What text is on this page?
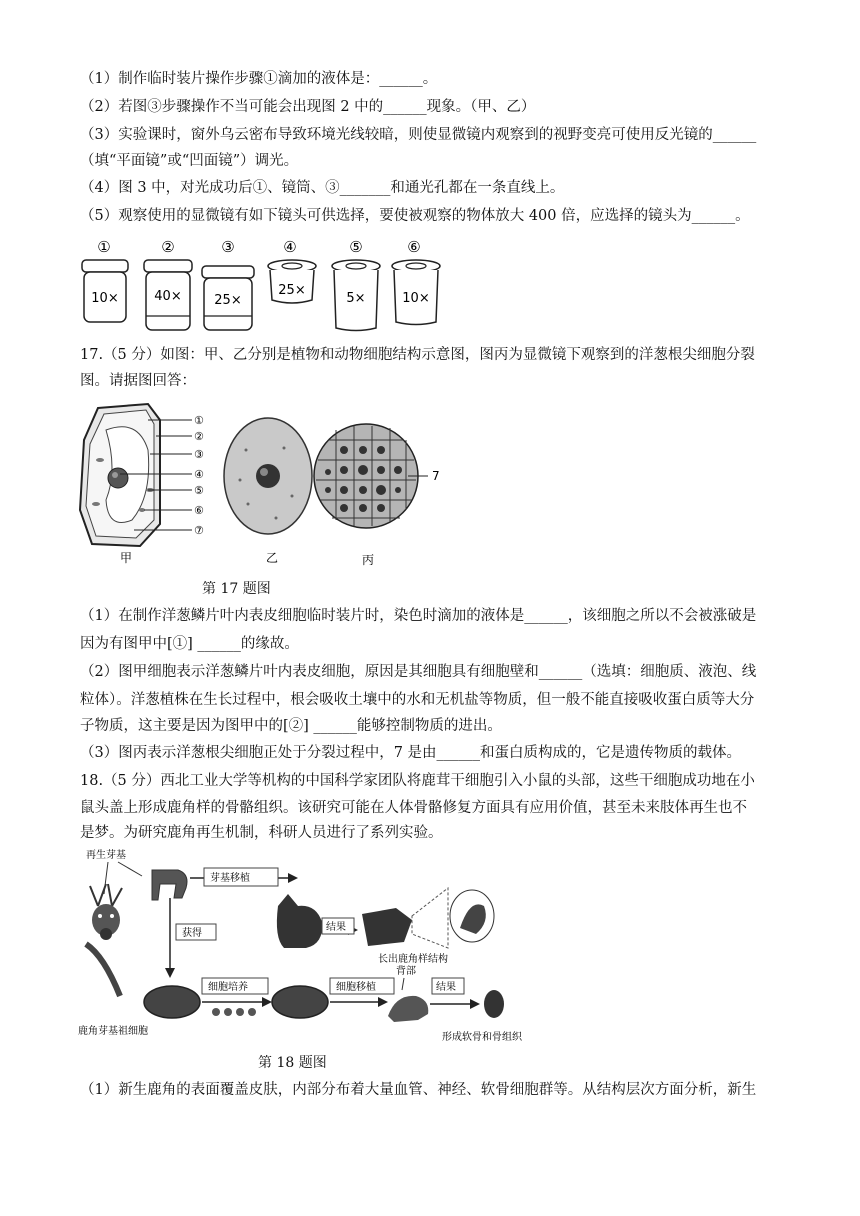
（1）制作临时装片操作步骤①滴加的液体是：______。
（2）若图③步骤操作不当可能会出现图 2 中的______现象。（甲、乙）
（3）实验课时，窗外乌云密布导致环境光线较暗，则使显微镜内观察到的视野变亮可使用反光镜的______
（填“平面镜”或“凹面镜”）调光。
（4）图 3 中，对光成功后①、镜筒、③_______和通光孔都在一条直线上。
（5）观察使用的显微镜有如下镜头可供选择，要使被观察的物体放大 400 倍，应选择的镜头为______。
①
10×
②
40×
③
25×
④
25×
⑤
5×
⑥
10×
17.（5 分）如图：甲、乙分别是植物和动物细胞结构示意图，图丙为显微镜下观察到的洋葱根尖细胞分裂
图。请据图回答：
①
②
③
④
⑤
⑥
⑦
甲	乙
7
丙
第 17 题图
（1）在制作洋葱鳞片叶内表皮细胞临时装片时，染色时滴加的液体是______，该细胞之所以不会被涨破是
因为有图甲中[①] ______的缘故。
（2）图甲细胞表示洋葱鳞片叶内表皮细胞，原因是其细胞具有细胞壁和______（选填：细胞质、液泡、线
粒体）。洋葱植株在生长过程中，根会吸收土壤中的水和无机盐等物质，但一般不能直接吸收蛋白质等大分
子物质，这主要是因为图甲中的[②] ______能够控制物质的进出。
（3）图丙表示洋葱根尖细胞正处于分裂过程中，7 是由______和蛋白质构成的，它是遗传物质的载体。
18.（5 分）西北工业大学等机构的中国科学家团队将鹿茸干细胞引入小鼠的头部，这些干细胞成功地在小
鼠头盖上形成鹿角样的骨骼组织。该研究可能在人体骨骼修复方面具有应用价值，甚至未来肢体再生也不
是梦。为研究鹿角再生机制，科研人员进行了系列实验。
再生芽基
芽基移植
结果
长出鹿角样结构
获得
细胞培养	细胞移植
背部
结果
鹿角芽基祖细胞
形成软骨和骨组织
第 18 题图
（1）新生鹿角的表面覆盖皮肤，内部分布着大量血管、神经、软骨细胞群等。从结构层次方面分析，新生
